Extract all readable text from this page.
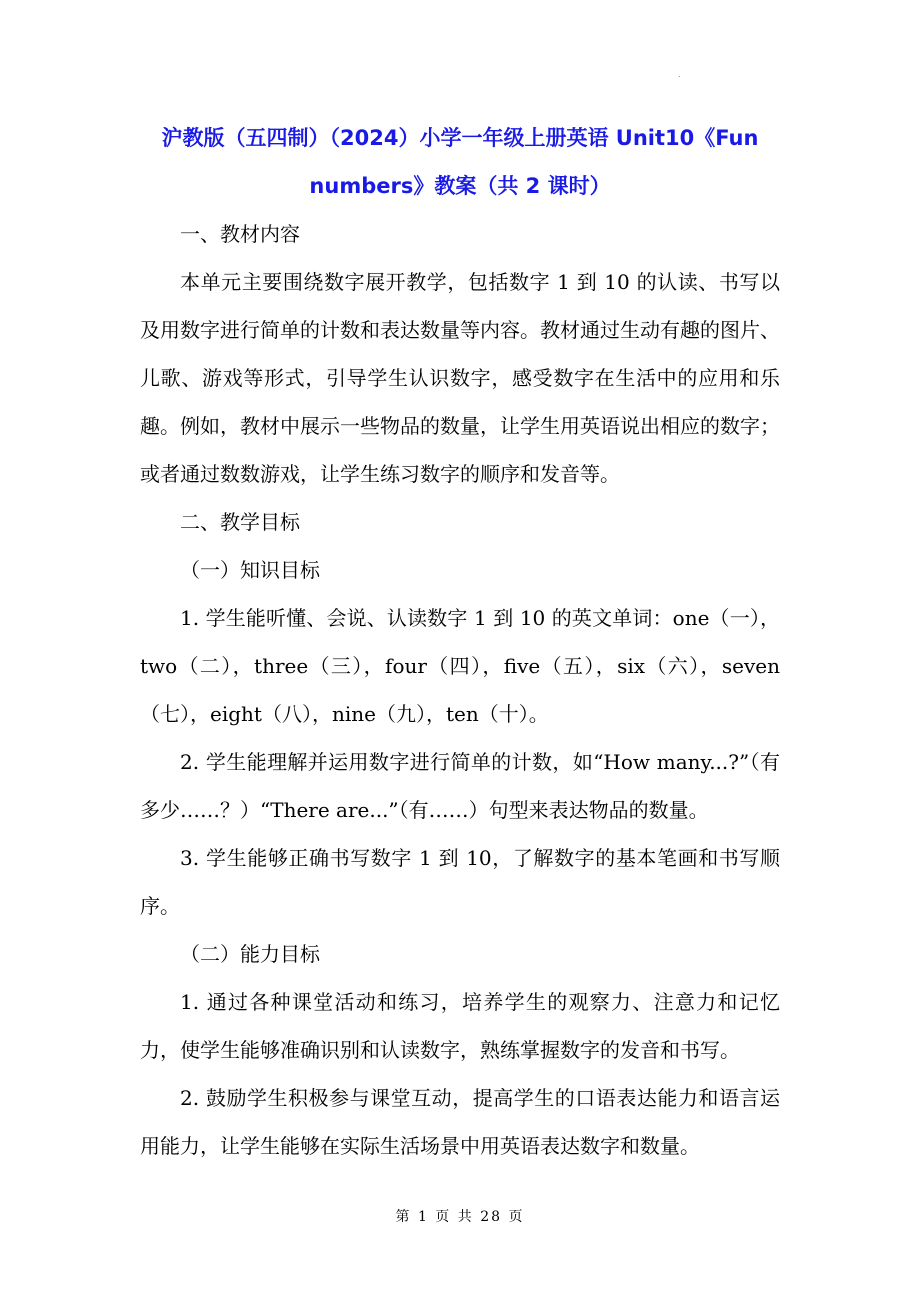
.
沪教版（五四制）（2024）小学一年级上册英语 Unit10《Fun
numbers》教案（共 2 课时）
一、教材内容
本单元主要围绕数字展开教学，包括数字 1 到 10 的认读、书写以及用数字进行简单的计数和表达数量等内容。教材通过生动有趣的图片、儿歌、游戏等形式，引导学生认识数字，感受数字在生活中的应用和乐趣。例如，教材中展示一些物品的数量，让学生用英语说出相应的数字；或者通过数数游戏，让学生练习数字的顺序和发音等。
二、教学目标
（一）知识目标
1. 学生能听懂、会说、认读数字 1 到 10 的英文单词：one（一），two（二），three（三），four（四），five（五），six（六），seven（七），eight（八），nine（九），ten（十）。
2. 学生能理解并运用数字进行简单的计数，如“How many...?”（有多少……？）“There are...”（有……）句型来表达物品的数量。
3. 学生能够正确书写数字 1 到 10，了解数字的基本笔画和书写顺序。
（二）能力目标
1. 通过各种课堂活动和练习，培养学生的观察力、注意力和记忆力，使学生能够准确识别和认读数字，熟练掌握数字的发音和书写。
2. 鼓励学生积极参与课堂互动，提高学生的口语表达能力和语言运用能力，让学生能够在实际生活场景中用英语表达数字和数量。
第 1 页 共 28 页
